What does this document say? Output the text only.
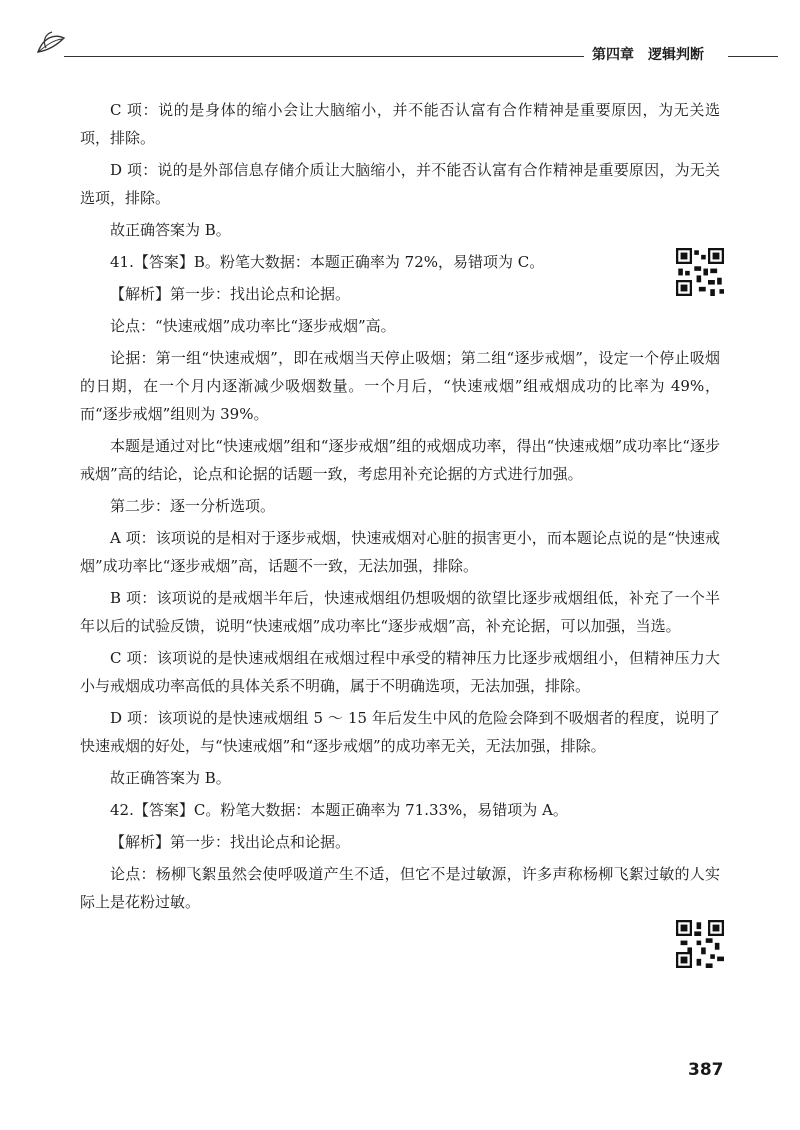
第四章 逻辑判断

C 项：说的是身体的缩小会让大脑缩小，并不能否认富有合作精神是重要原因，为无关选项，排除。

D 项：说的是外部信息存储介质让大脑缩小，并不能否认富有合作精神是重要原因，为无关选项，排除。

故正确答案为 B。

41.【答案】B。粉笔大数据：本题正确率为 72%，易错项为 C。

【解析】第一步：找出论点和论据。

论点：“快速戒烟”成功率比“逐步戒烟”高。

论据：第一组“快速戒烟”，即在戒烟当天停止吸烟；第二组“逐步戒烟”，设定一个停止吸烟的日期，在一个月内逐渐减少吸烟数量。一个月后，“快速戒烟”组戒烟成功的比率为 49%，而“逐步戒烟”组则为 39%。

本题是通过对比“快速戒烟”组和“逐步戒烟”组的戒烟成功率，得出“快速戒烟”成功率比“逐步戒烟”高的结论，论点和论据的话题一致，考虑用补充论据的方式进行加强。

第二步：逐一分析选项。

A 项：该项说的是相对于逐步戒烟，快速戒烟对心脏的损害更小，而本题论点说的是“快速戒烟”成功率比“逐步戒烟”高，话题不一致，无法加强，排除。

B 项：该项说的是戒烟半年后，快速戒烟组仍想吸烟的欲望比逐步戒烟组低，补充了一个半年以后的试验反馈，说明“快速戒烟”成功率比“逐步戒烟”高，补充论据，可以加强，当选。

C 项：该项说的是快速戒烟组在戒烟过程中承受的精神压力比逐步戒烟组小，但精神压力大小与戒烟成功率高低的具体关系不明确，属于不明确选项，无法加强，排除。

D 项：该项说的是快速戒烟组 5 ～ 15 年后发生中风的危险会降到不吸烟者的程度，说明了快速戒烟的好处，与“快速戒烟”和“逐步戒烟”的成功率无关，无法加强，排除。

故正确答案为 B。

42.【答案】C。粉笔大数据：本题正确率为 71.33%，易错项为 A。

【解析】第一步：找出论点和论据。

论点：杨柳飞絮虽然会使呼吸道产生不适，但它不是过敏源，许多声称杨柳飞絮过敏的人实际上是花粉过敏。

387
